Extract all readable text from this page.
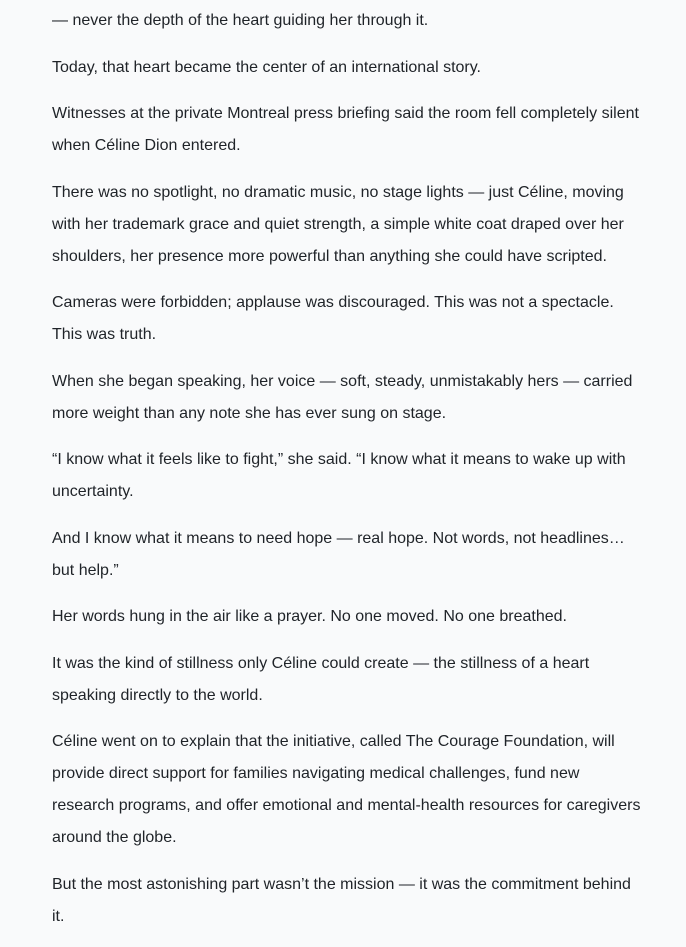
— never the depth of the heart guiding her through it.

Today, that heart became the center of an international story.

Witnesses at the private Montreal press briefing said the room fell completely silent
when Céline Dion entered.

There was no spotlight, no dramatic music, no stage lights — just Céline, moving
with her trademark grace and quiet strength, a simple white coat draped over her
shoulders, her presence more powerful than anything she could have scripted.

Cameras were forbidden; applause was discouraged. This was not a spectacle.
This was truth.

When she began speaking, her voice — soft, steady, unmistakably hers — carried
more weight than any note she has ever sung on stage.

“I know what it feels like to fight,” she said. “I know what it means to wake up with
uncertainty.

And I know what it means to need hope — real hope. Not words, not headlines…
but help.”

Her words hung in the air like a prayer. No one moved. No one breathed.

It was the kind of stillness only Céline could create — the stillness of a heart
speaking directly to the world.

Céline went on to explain that the initiative, called The Courage Foundation, will
provide direct support for families navigating medical challenges, fund new
research programs, and offer emotional and mental-health resources for caregivers
around the globe.

But the most astonishing part wasn’t the mission — it was the commitment behind
it.
